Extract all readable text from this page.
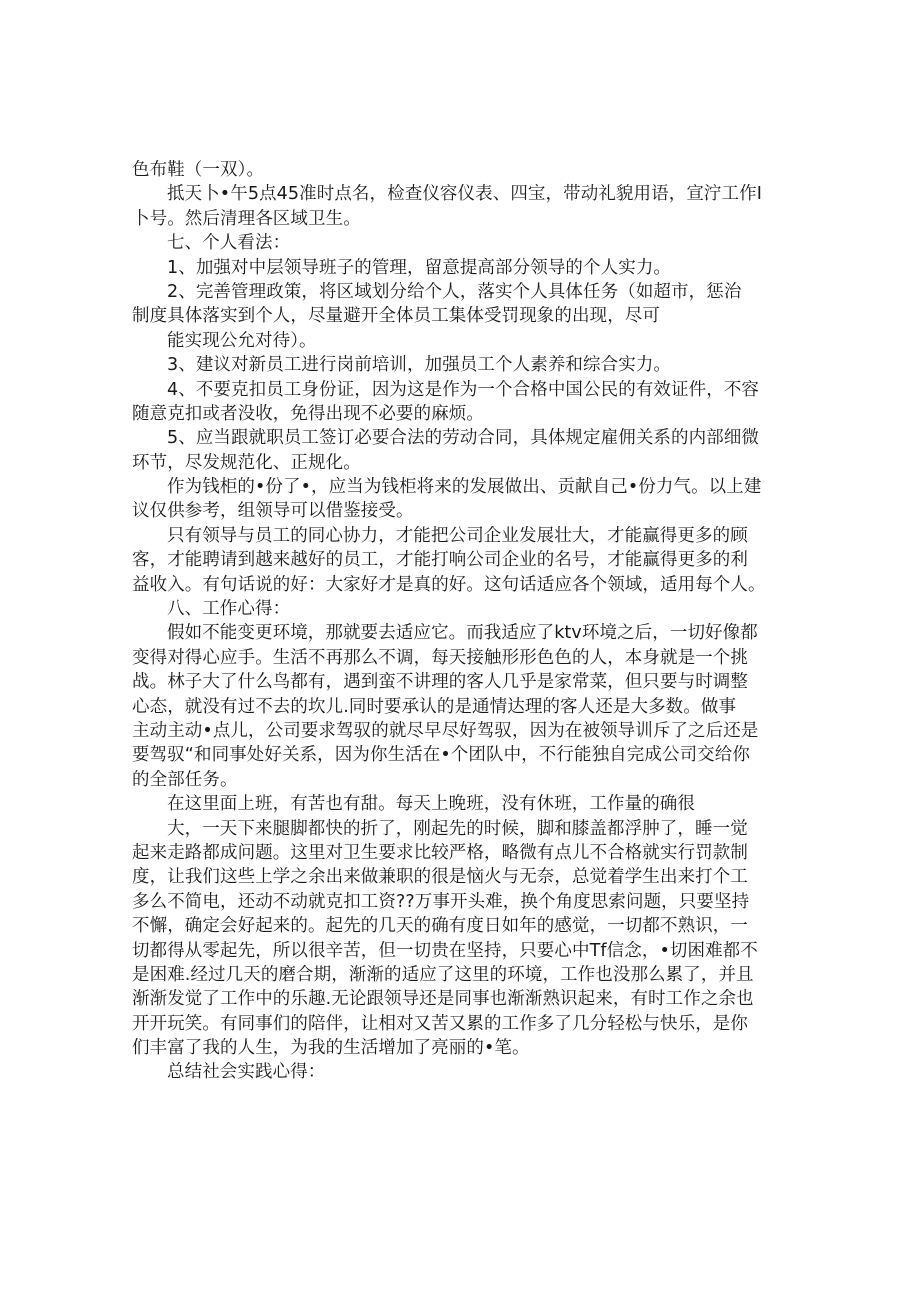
色布鞋（一双）。
抵天卜•午5点45准时点名，检查仪容仪表、四宝，带动礼貌用语，宣泞工作I
卜号。然后清理各区域卫生。
七、个人看法：
1、加强对中层领导班子的管理，留意提高部分领导的个人实力。
2、完善管理政策，将区域划分给个人，落实个人具体任务（如超市，惩治
制度具体落实到个人，尽量避开全体员工集体受罚现象的出现，尽可
能实现公允对待）。
3、建议对新员工进行岗前培训，加强员工个人素养和综合实力。
4、不要克扣员工身份证，因为这是作为一个合格中国公民的有效证件，不容
随意克扣或者没收，免得出现不必要的麻烦。
5、应当跟就职员工签订必要合法的劳动合同，具体规定雇佣关系的内部细微
环节，尽发规范化、正规化。
作为钱柜的•份了•，应当为钱柜将来的发展做出、贡献自己•份力气。以上建
议仅供参考，组领导可以借鉴接受。
只有领导与员工的同心协力，才能把公司企业发展壮大，才能赢得更多的顾
客，才能聘请到越来越好的员工，才能打响公司企业的名号，才能赢得更多的利
益收入。有句话说的好：大家好才是真的好。这句话适应各个领域，适用每个人。
八、工作心得：
假如不能变更环境，那就要去适应它。而我适应了ktv环境之后，一切好像都
变得对得心应手。生活不再那么不调，每天接触形形色色的人，本身就是一个挑
战。林子大了什么鸟都有，遇到蛮不讲理的客人几乎是家常菜，但只要与时调整
心态，就没有过不去的坎儿.同时要承认的是通情达理的客人还是大多数。做事
主动主动•点儿，公司要求驾驭的就尽早尽好驾驭，因为在被领导训斥了之后还是
要驾驭“和同事处好关系，因为你生活在•个团队中，不行能独自完成公司交给你
的全部任务。
在这里面上班，有苦也有甜。每天上晚班，没有休班，工作量的确很
大，一天下来腿脚都快的折了，刚起先的时候，脚和膝盖都浮肿了，睡一觉
起来走路都成问题。这里对卫生要求比较严格，略微有点儿不合格就实行罚款制
度，让我们这些上学之余出来做兼职的很是恼火与无奈，总觉着学生出来打个工
多么不简电，还动不动就克扣工资??万事开头难，换个角度思索问题，只要坚持
不懈，确定会好起来的。起先的几天的确有度日如年的感觉，一切都不熟识，一
切都得从零起先，所以很辛苦，但一切贵在坚持，只要心中Tf信念，•切困难都不
是困难.经过几天的磨合期，渐渐的适应了这里的环境，工作也没那么累了，并且
渐渐发觉了工作中的乐趣.无论跟领导还是同事也渐渐熟识起来，有时工作之余也
开开玩笑。有同事们的陪伴，让相对又苦又累的工作多了几分轻松与快乐，是你
们丰富了我的人生，为我的生活增加了亮丽的•笔。
总结社会实践心得：
